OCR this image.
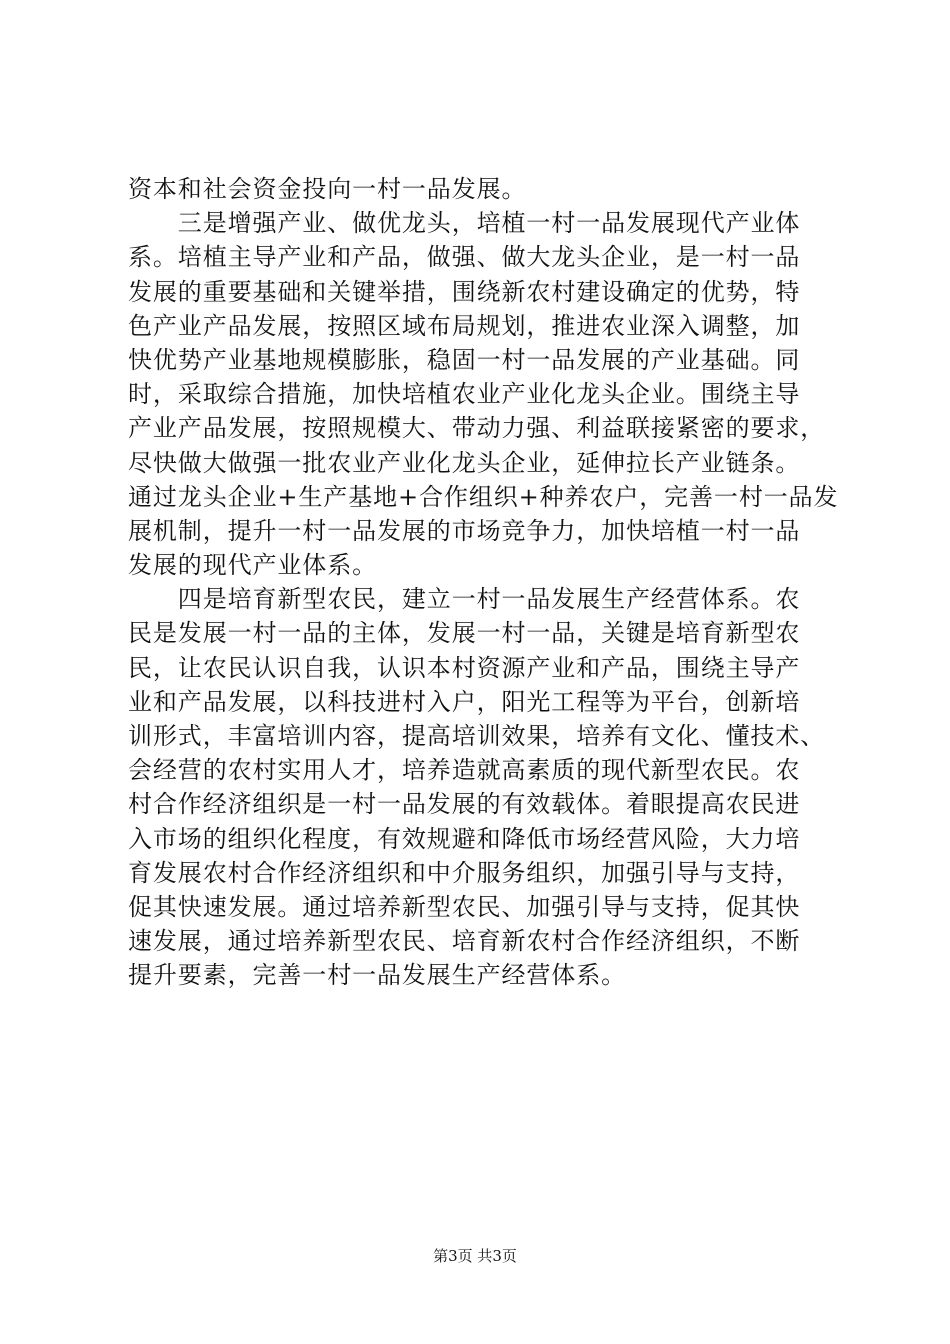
资本和社会资金投向一村一品发展。
　　三是增强产业、做优龙头，培植一村一品发展现代产业体
系。培植主导产业和产品，做强、做大龙头企业，是一村一品
发展的重要基础和关键举措，围绕新农村建设确定的优势，特
色产业产品发展，按照区域布局规划，推进农业深入调整，加
快优势产业基地规模膨胀，稳固一村一品发展的产业基础。同
时，采取综合措施，加快培植农业产业化龙头企业。围绕主导
产业产品发展，按照规模大、带动力强、利益联接紧密的要求，
尽快做大做强一批农业产业化龙头企业，延伸拉长产业链条。
通过龙头企业+生产基地+合作组织+种养农户，完善一村一品发
展机制，提升一村一品发展的市场竞争力，加快培植一村一品
发展的现代产业体系。
　　四是培育新型农民，建立一村一品发展生产经营体系。农
民是发展一村一品的主体，发展一村一品，关键是培育新型农
民，让农民认识自我，认识本村资源产业和产品，围绕主导产
业和产品发展，以科技进村入户，阳光工程等为平台，创新培
训形式，丰富培训内容，提高培训效果，培养有文化、懂技术、
会经营的农村实用人才，培养造就高素质的现代新型农民。农
村合作经济组织是一村一品发展的有效载体。着眼提高农民进
入市场的组织化程度，有效规避和降低市场经营风险，大力培
育发展农村合作经济组织和中介服务组织，加强引导与支持，
促其快速发展。通过培养新型农民、加强引导与支持，促其快
速发展，通过培养新型农民、培育新农村合作经济组织，不断
提升要素，完善一村一品发展生产经营体系。
第3页 共3页
